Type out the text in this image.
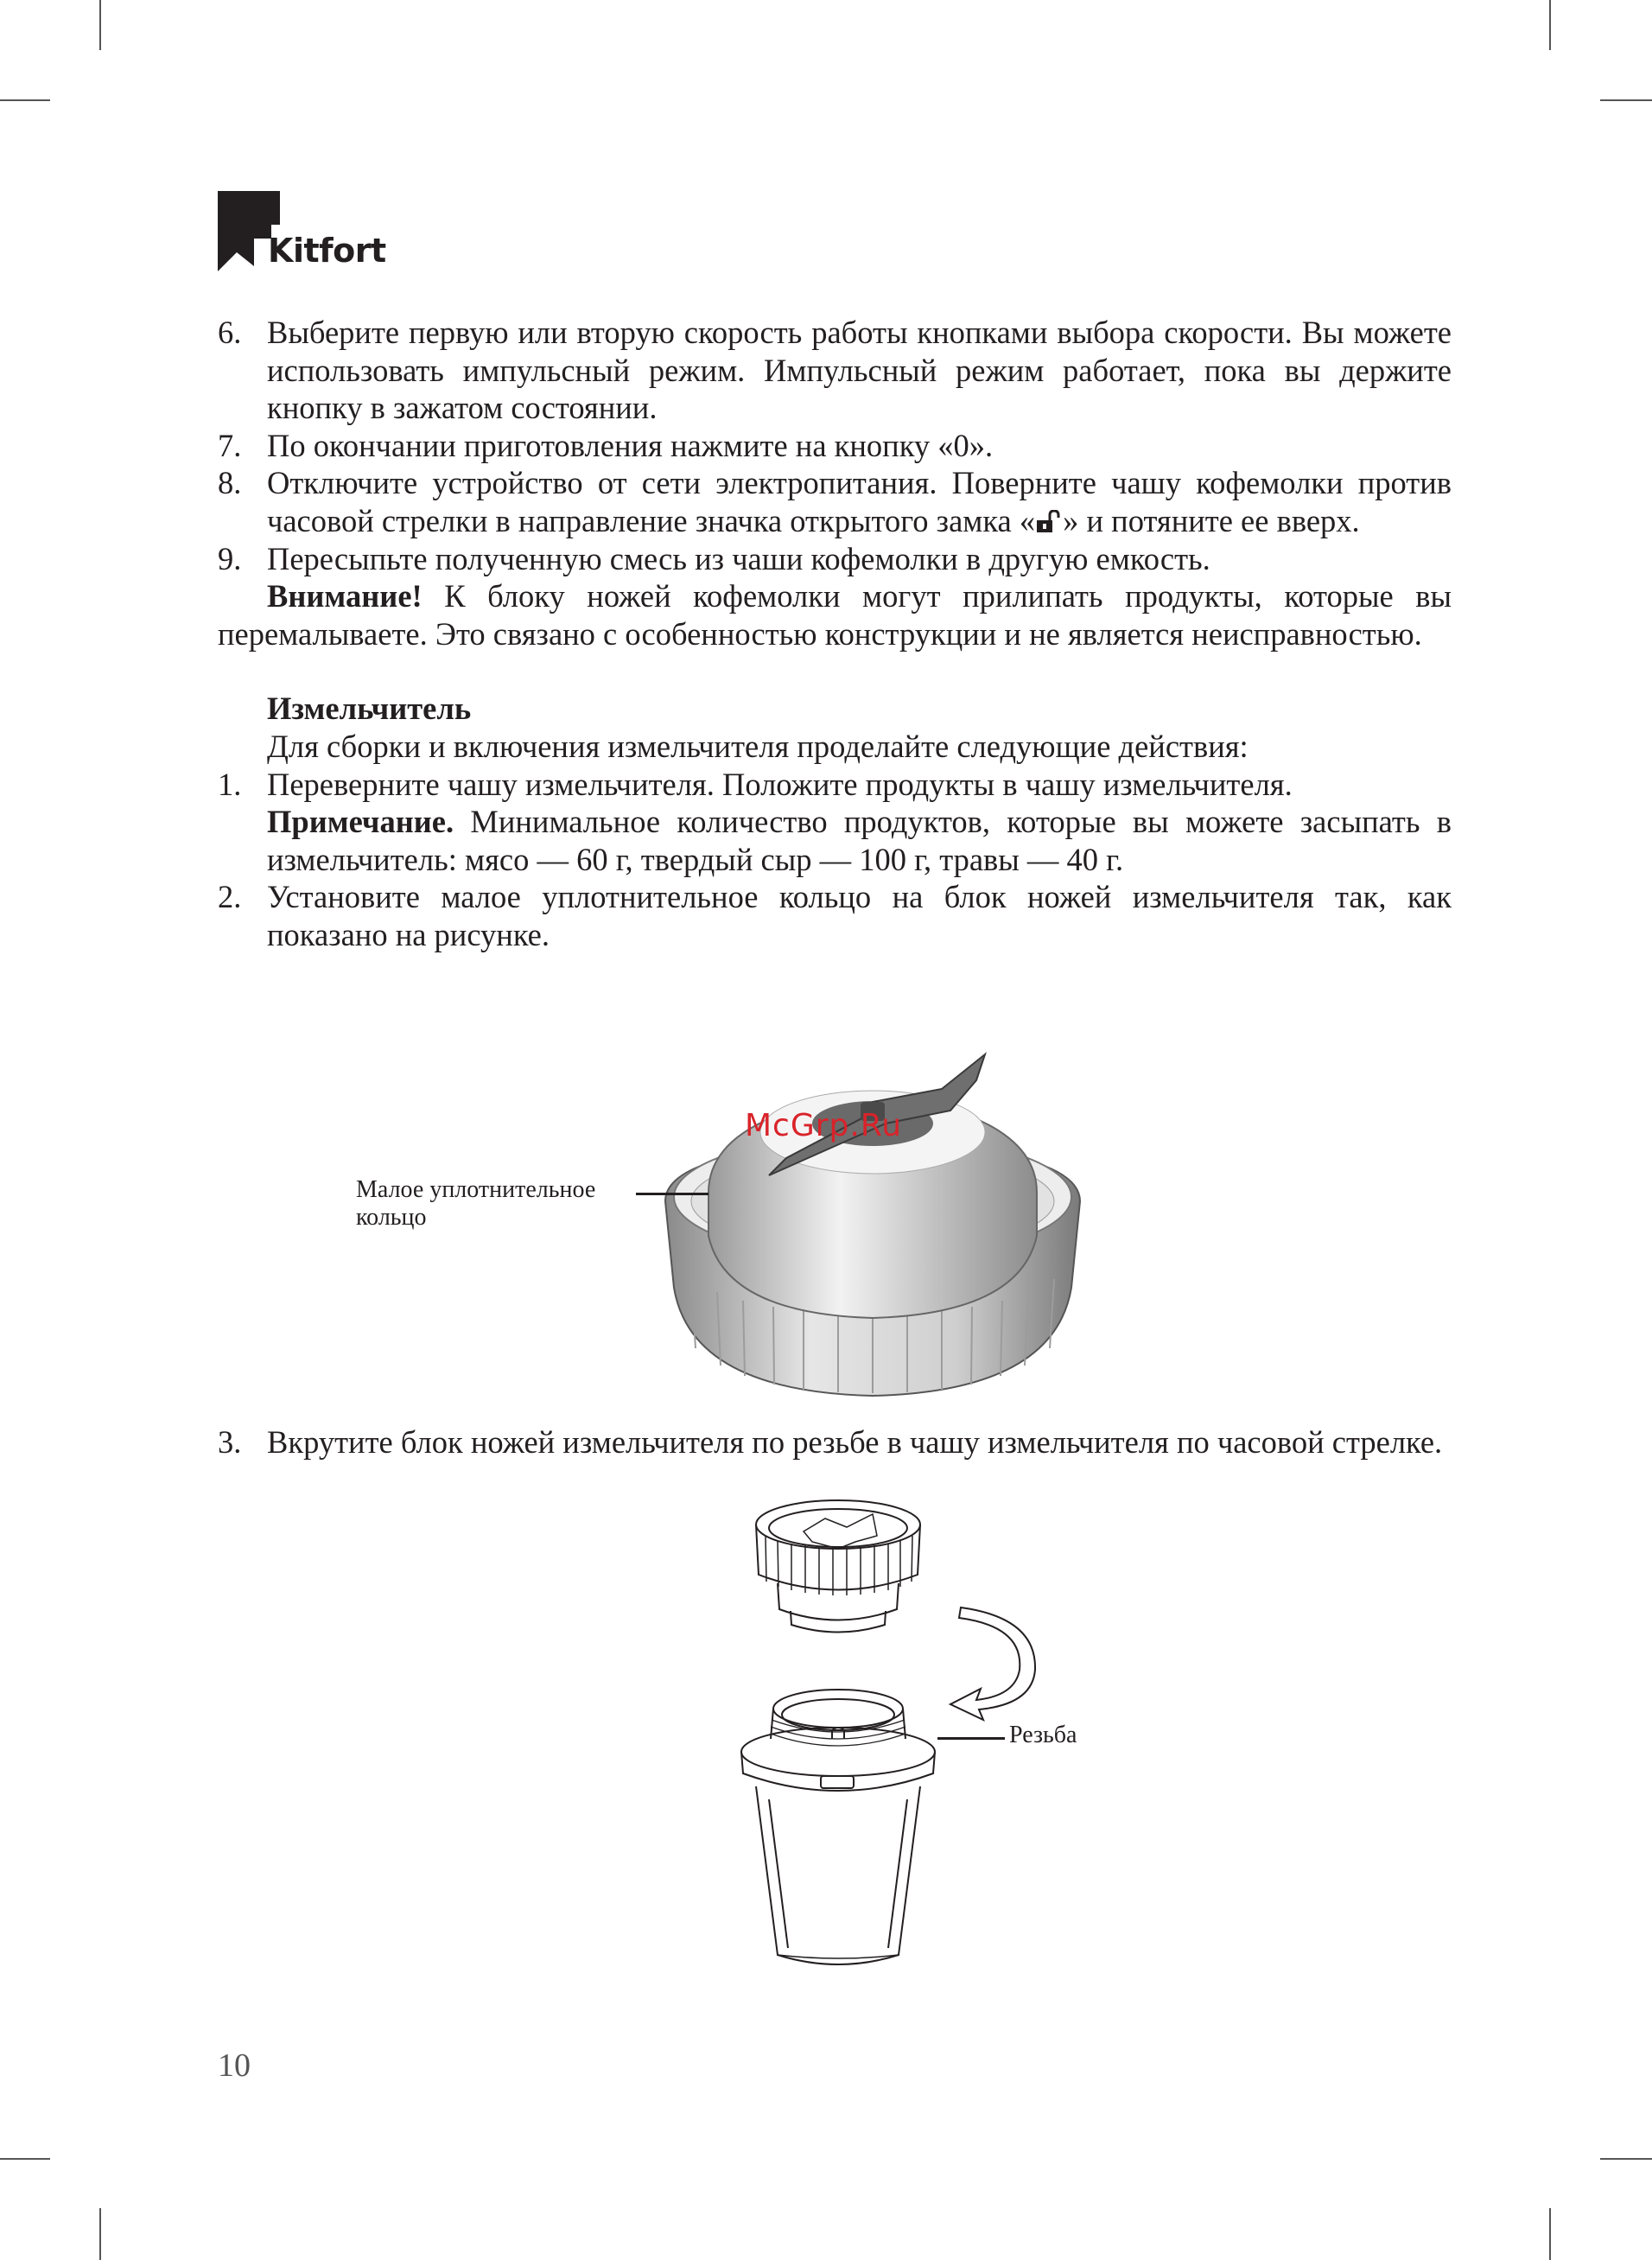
Kitfort
6. Выберите первую или вторую скорость работы кнопками выбора скорости. Вы можете использовать импульсный режим. Импульсный режим работает, пока вы держите кнопку в зажатом состоянии.
7. По окончании приготовления нажмите на кнопку «0».
8. Отключите устройство от сети электропитания. Поверните чашу кофемолки против часовой стрелки в направление значка открытого замка « » и потяните ее вверх.
9. Пересыпьте полученную смесь из чаши кофемолки в другую емкость.
Внимание! К блоку ножей кофемолки могут прилипать продукты, которые вы перемалываете. Это связано с особенностью конструкции и не является неисправностью.
Измельчитель
Для сборки и включения измельчителя проделайте следующие действия:
1. Переверните чашу измельчителя. Положите продукты в чашу измельчителя.
Примечание. Минимальное количество продуктов, которые вы можете засыпать в измельчитель: мясо — 60 г, твердый сыр — 100 г, травы — 40 г.
2. Установите малое уплотнительное кольцо на блок ножей измельчителя так, как показано на рисунке.
Малое уплотнительное
кольцо
McGrp.Ru
3. Вкрутите блок ножей измельчителя по резьбе в чашу измельчителя по часовой стрелке.
Резьба
10
